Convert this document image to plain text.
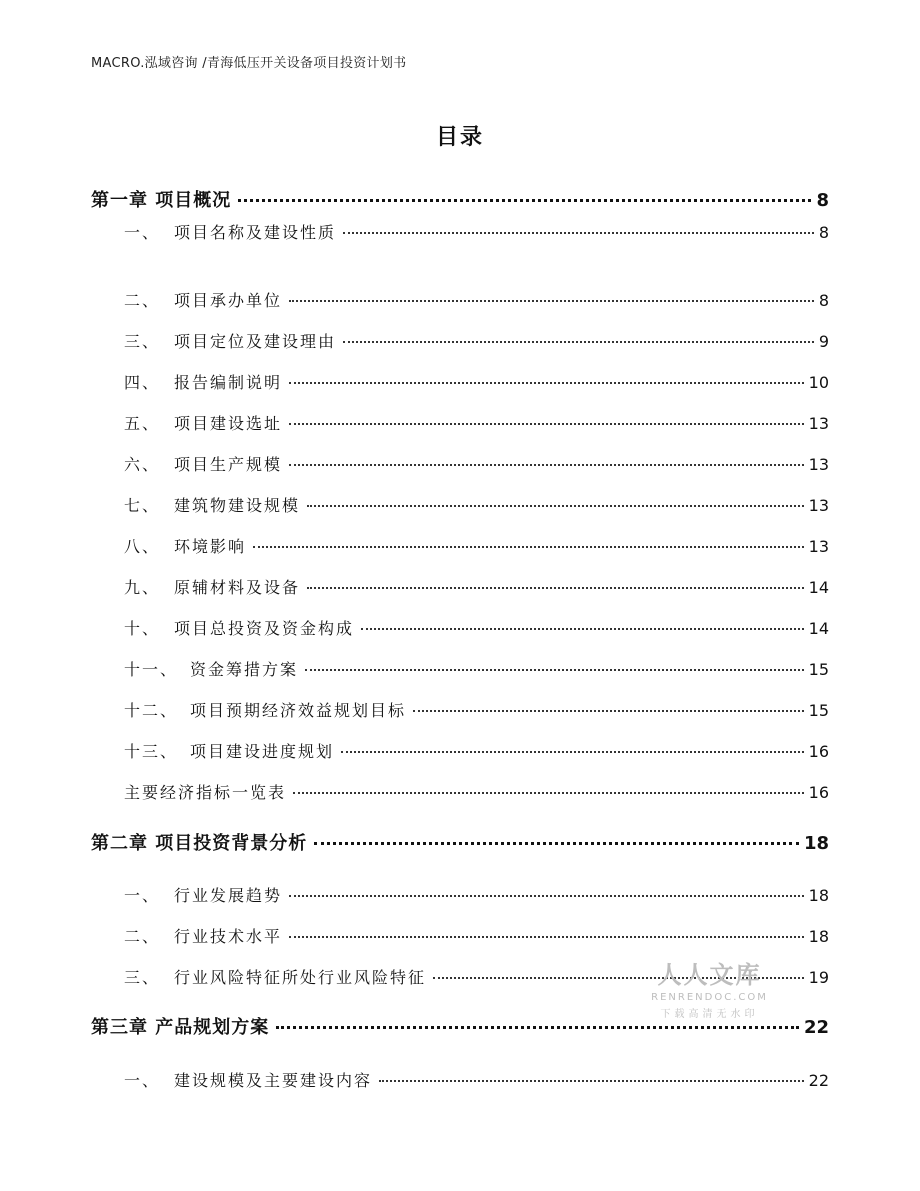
MACRO.泓域咨询 /青海低压开关设备项目投资计划书
目录
第一章 项目概况	8
一、 项目名称及建设性质	8
二、 项目承办单位	8
三、 项目定位及建设理由	9
四、 报告编制说明	10
五、 项目建设选址	13
六、 项目生产规模	13
七、 建筑物建设规模	13
八、 环境影响	13
九、 原辅材料及设备	14
十、 项目总投资及资金构成	14
十一、 资金筹措方案	15
十二、 项目预期经济效益规划目标	15
十三、 项目建设进度规划	16
主要经济指标一览表	16
第二章 项目投资背景分析	18
一、 行业发展趋势	18
二、 行业技术水平	18
三、 行业风险特征所处行业风险特征	19
第三章 产品规划方案	22
一、 建设规模及主要建设内容	22
人人文库
RENRENDOC.COM
下载高清无水印
